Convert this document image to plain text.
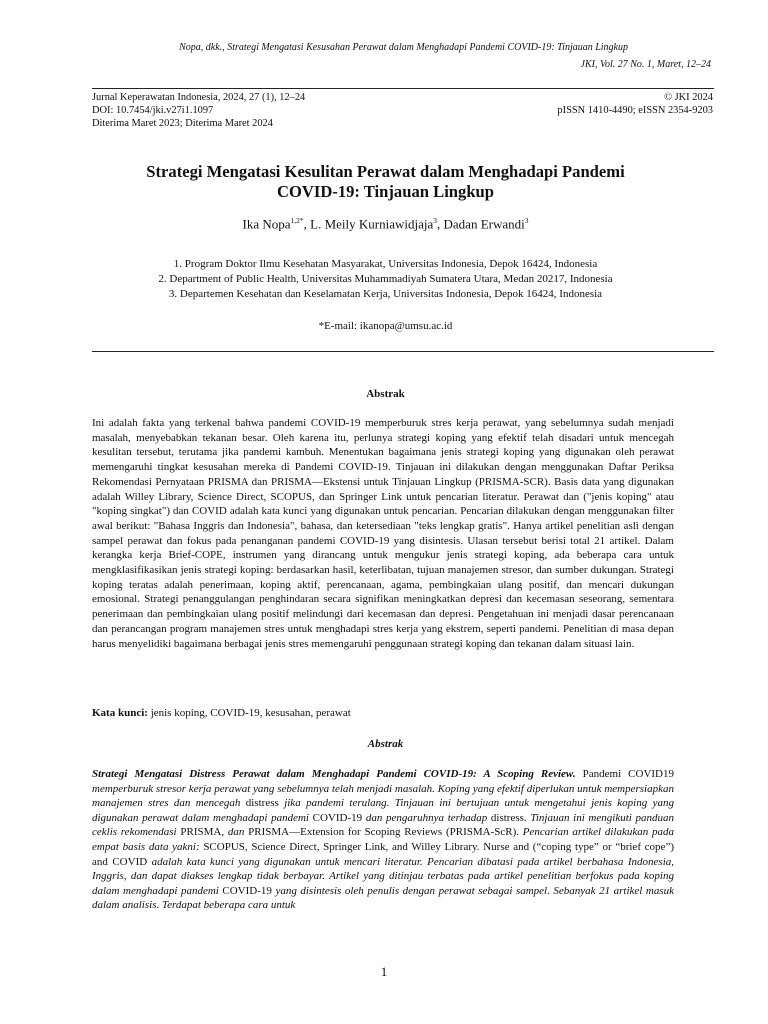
Nopa, dkk., Strategi Mengatasi Kesusahan Perawat dalam Menghadapi Pandemi COVID-19: Tinjauan Lingkup
JKI, Vol. 27 No. 1, Maret, 12–24
Jurnal Keperawatan Indonesia, 2024, 27 (1), 12–24
DOI: 10.7454/jki.v27i1.1097
Diterima Maret 2023; Diterima Maret 2024
© JKI 2024
pISSN 1410-4490; eISSN 2354-9203
Strategi Mengatasi Kesulitan Perawat dalam Menghadapi Pandemi
COVID-19: Tinjauan Lingkup
Ika Nopa$^{1,2*}$, L. Meily Kurniawidjaja$^3$, Dadan Erwandi$^3$
1. Program Doktor Ilmu Kesehatan Masyarakat, Universitas Indonesia, Depok 16424, Indonesia
2. Department of Public Health, Universitas Muhammadiyah Sumatera Utara, Medan 20217, Indonesia
3. Departemen Kesehatan dan Keselamatan Kerja, Universitas Indonesia, Depok 16424, Indonesia
*E-mail: ikanopa@umsu.ac.id
Abstrak
Ini adalah fakta yang terkenal bahwa pandemi COVID-19 memperburuk stres kerja perawat, yang sebelumnya sudah menjadi masalah, menyebabkan tekanan besar. Oleh karena itu, perlunya strategi koping yang efektif telah disadari untuk mencegah kesulitan tersebut, terutama jika pandemi kambuh. Menentukan bagaimana jenis strategi koping yang digunakan oleh perawat memengaruhi tingkat kesusahan mereka di Pandemi COVID-19. Tinjauan ini dilakukan dengan menggunakan Daftar Periksa Rekomendasi Pernyataan PRISMA dan PRISMA—Ekstensi untuk Tinjauan Lingkup (PRISMA-SCR). Basis data yang digunakan adalah Willey Library, Science Direct, SCOPUS, dan Springer Link untuk pencarian literatur. Perawat dan ("jenis koping" atau "koping singkat") dan COVID adalah kata kunci yang digunakan untuk pencarian. Pencarian dilakukan dengan menggunakan filter awal berikut: "Bahasa Inggris dan Indonesia", bahasa, dan ketersediaan "teks lengkap gratis". Hanya artikel penelitian asli dengan sampel perawat dan fokus pada penanganan pandemi COVID-19 yang disintesis. Ulasan tersebut berisi total 21 artikel. Dalam kerangka kerja Brief-COPE, instrumen yang dirancang untuk mengukur jenis strategi koping, ada beberapa cara untuk mengklasifikasikan jenis strategi koping: berdasarkan hasil, keterlibatan, tujuan manajemen stresor, dan sumber dukungan. Strategi koping teratas adalah penerimaan, koping aktif, perencanaan, agama, pembingkaian ulang positif, dan mencari dukungan emosional. Strategi penanggulangan penghindaran secara signifikan meningkatkan depresi dan kecemasan seseorang, sementara penerimaan dan pembingkaian ulang positif melindungi dari kecemasan dan depresi. Pengetahuan ini menjadi dasar perencanaan dan perancangan program manajemen stres untuk menghadapi stres kerja yang ekstrem, seperti pandemi. Penelitian di masa depan harus menyelidiki bagaimana berbagai jenis stres memengaruhi penggunaan strategi koping dan tekanan dalam situasi lain.
Kata kunci: jenis koping, COVID-19, kesusahan, perawat
Abstrak
Strategi Mengatasi Distress Perawat dalam Menghadapi Pandemi COVID-19: A Scoping Review. Pandemi COVID19 memperburuk stresor kerja perawat yang sebelumnya telah menjadi masalah. Koping yang efektif diperlukan untuk mempersiapkan manajemen stres dan mencegah distress jika pandemi terulang. Tinjauan ini bertujuan untuk mengetahui jenis koping yang digunakan perawat dalam menghadapi pandemi COVID-19 dan pengaruhnya terhadap distress. Tinjauan ini mengikuti panduan ceklis rekomendasi PRISMA, dan PRISMA—Extension for Scoping Reviews (PRISMA-ScR). Pencarian artikel dilakukan pada empat basis data yakni: SCOPUS, Science Direct, Springer Link, and Willey Library. Nurse and (“coping type” or “brief cope”) and COVID adalah kata kunci yang digunakan untuk mencari literatur. Pencarian dibatasi pada artikel berbahasa Indonesia, Inggris, dan dapat diakses lengkap tidak berbayar. Artikel yang ditinjau terbatas pada artikel penelitian berfokus pada koping dalam menghadapi pandemi COVID-19 yang disintesis oleh penulis dengan perawat sebagai sampel. Sebanyak 21 artikel masuk dalam analisis. Terdapat beberapa cara untuk
1
